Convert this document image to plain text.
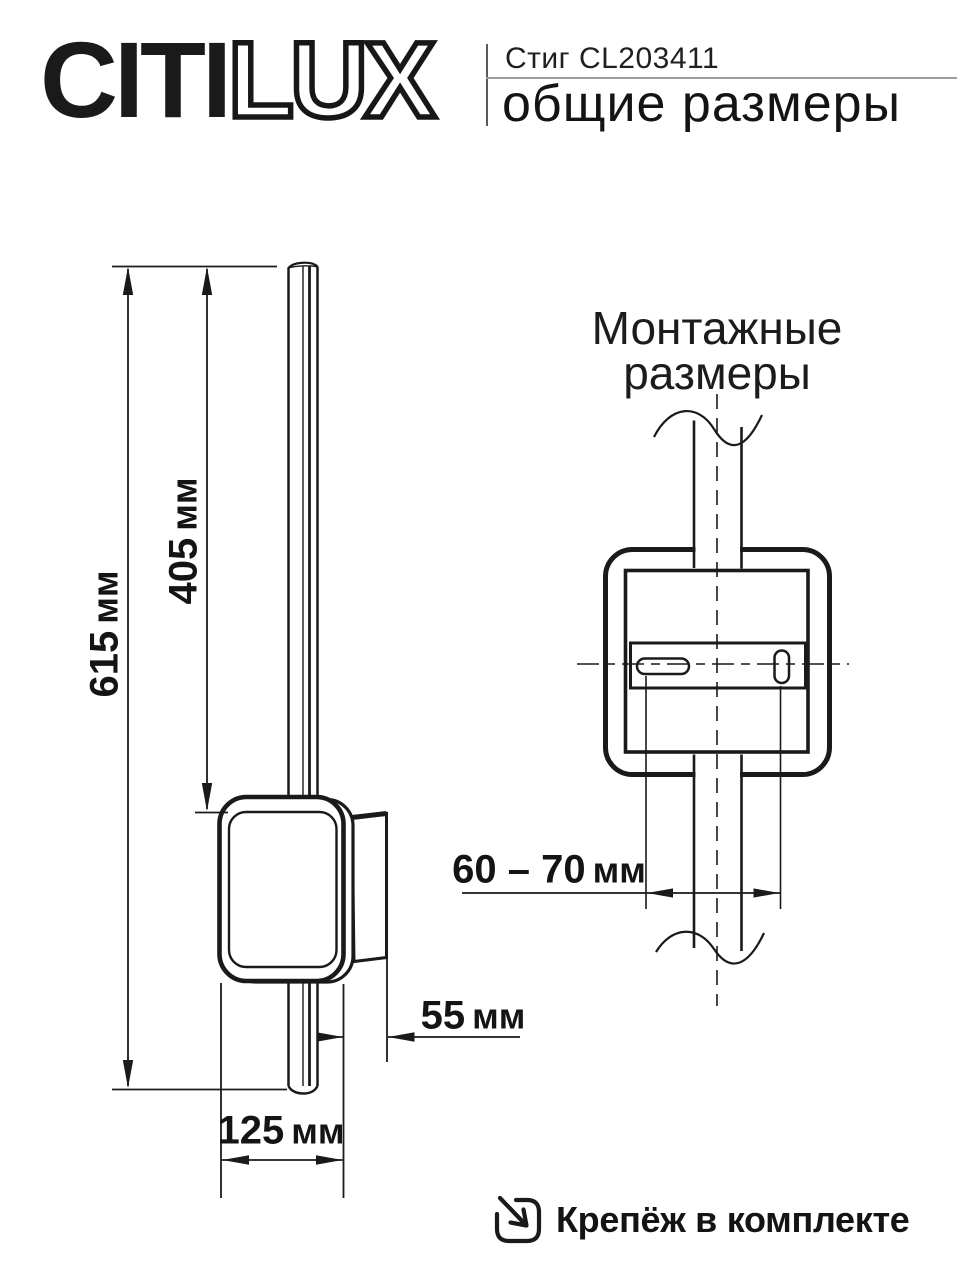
CITILUX Стиг CL203411
общие размеры
Монтажные
размеры
615мм 405мм
55 мм
125 мм
60 – 70 мм
Крепёж в комплекте
